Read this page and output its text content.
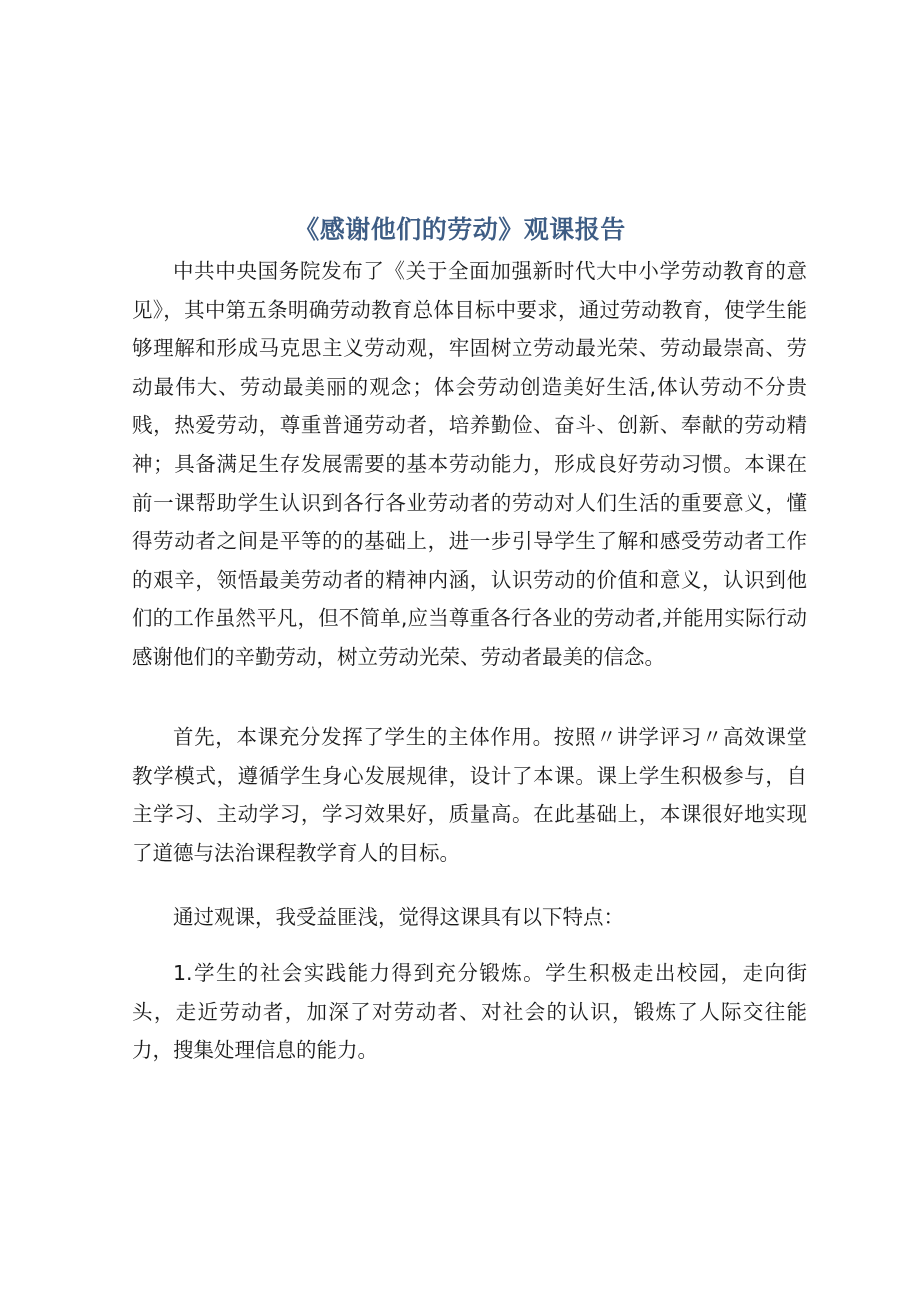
《感谢他们的劳动》观课报告

中共中央国务院发布了《关于全面加强新时代大中小学劳动教育的意见》，其中第五条明确劳动教育总体目标中要求，通过劳动教育，使学生能够理解和形成马克思主义劳动观，牢固树立劳动最光荣、劳动最崇高、劳动最伟大、劳动最美丽的观念；体会劳动创造美好生活,体认劳动不分贵贱，热爱劳动，尊重普通劳动者，培养勤俭、奋斗、创新、奉献的劳动精神；具备满足生存发展需要的基本劳动能力，形成良好劳动习惯。本课在前一课帮助学生认识到各行各业劳动者的劳动对人们生活的重要意义，懂得劳动者之间是平等的的基础上，进一步引导学生了解和感受劳动者工作的艰辛，领悟最美劳动者的精神内涵，认识劳动的价值和意义，认识到他们的工作虽然平凡，但不简单,应当尊重各行各业的劳动者,并能用实际行动感谢他们的辛勤劳动，树立劳动光荣、劳动者最美的信念。

首先，本课充分发挥了学生的主体作用。按照〃讲学评习〃高效课堂教学模式，遵循学生身心发展规律，设计了本课。课上学生积极参与，自主学习、主动学习，学习效果好，质量高。在此基础上，本课很好地实现了道德与法治课程教学育人的目标。

通过观课，我受益匪浅，觉得这课具有以下特点：

1.学生的社会实践能力得到充分锻炼。学生积极走出校园，走向街头，走近劳动者，加深了对劳动者、对社会的认识，锻炼了人际交往能力，搜集处理信息的能力。
